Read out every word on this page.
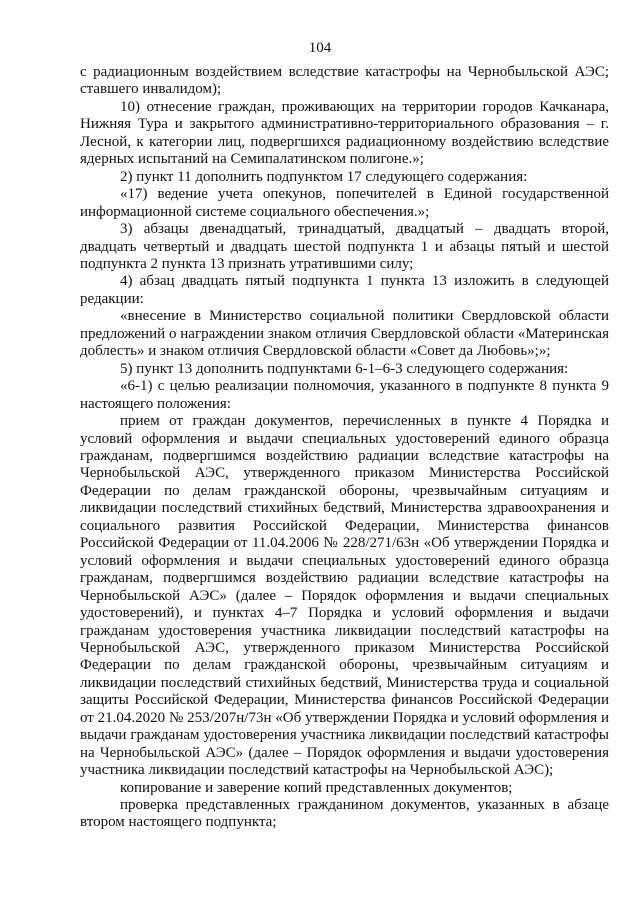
104

с радиационным воздействием вследствие катастрофы на Чернобыльской АЭС; ставшего инвалидом);

10) отнесение граждан, проживающих на территории городов Качканара, Нижняя Тура и закрытого административно-территориального образования – г. Лесной, к категории лиц, подвергшихся радиационному воздействию вследствие ядерных испытаний на Семипалатинском полигоне.»;

2) пункт 11 дополнить подпунктом 17 следующего содержания:

«17) ведение учета опекунов, попечителей в Единой государственной информационной системе социального обеспечения.»;

3) абзацы двенадцатый, тринадцатый, двадцатый – двадцать второй, двадцать четвертый и двадцать шестой подпункта 1 и абзацы пятый и шестой подпункта 2 пункта 13 признать утратившими силу;

4) абзац двадцать пятый подпункта 1 пункта 13 изложить в следующей редакции:

«внесение в Министерство социальной политики Свердловской области предложений о награждении знаком отличия Свердловской области «Материнская доблесть» и знаком отличия Свердловской области «Совет да Любовь»;»;

5) пункт 13 дополнить подпунктами 6-1–6-3 следующего содержания:

«6-1) с целью реализации полномочия, указанного в подпункте 8 пункта 9 настоящего положения:

прием от граждан документов, перечисленных в пункте 4 Порядка и условий оформления и выдачи специальных удостоверений единого образца гражданам, подвергшимся воздействию радиации вследствие катастрофы на Чернобыльской АЭС, утвержденного приказом Министерства Российской Федерации по делам гражданской обороны, чрезвычайным ситуациям и ликвидации последствий стихийных бедствий, Министерства здравоохранения и социального развития Российской Федерации, Министерства финансов Российской Федерации от 11.04.2006 № 228/271/63н «Об утверждении Порядка и условий оформления и выдачи специальных удостоверений единого образца гражданам, подвергшимся воздействию радиации вследствие катастрофы на Чернобыльской АЭС» (далее – Порядок оформления и выдачи специальных удостоверений), и пунктах 4–7 Порядка и условий оформления и выдачи гражданам удостоверения участника ликвидации последствий катастрофы на Чернобыльской АЭС, утвержденного приказом Министерства Российской Федерации по делам гражданской обороны, чрезвычайным ситуациям и ликвидации последствий стихийных бедствий, Министерства труда и социальной защиты Российской Федерации, Министерства финансов Российской Федерации от 21.04.2020 № 253/207н/73н «Об утверждении Порядка и условий оформления и выдачи гражданам удостоверения участника ликвидации последствий катастрофы на Чернобыльской АЭС» (далее – Порядок оформления и выдачи удостоверения участника ликвидации последствий катастрофы на Чернобыльской АЭС);

копирование и заверение копий представленных документов;

проверка представленных гражданином документов, указанных в абзаце втором настоящего подпункта;
